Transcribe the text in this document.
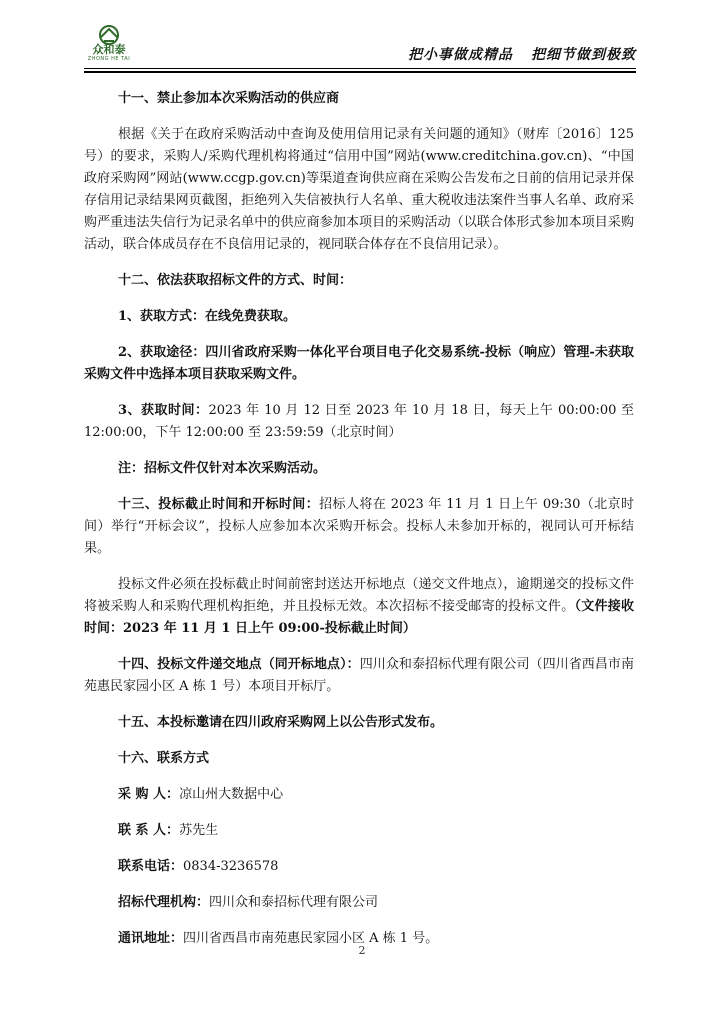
众和泰
ZHONG HE TAI	把小事做成精品 把细节做到极致

十一、禁止参加本次采购活动的供应商

根据《关于在政府采购活动中查询及使用信用记录有关问题的通知》（财库〔2016〕125号）的要求，采购人/采购代理机构将通过“信用中国”网站(www.creditchina.gov.cn)、“中国政府采购网”网站(www.ccgp.gov.cn)等渠道查询供应商在采购公告发布之日前的信用记录并保存信用记录结果网页截图，拒绝列入失信被执行人名单、重大税收违法案件当事人名单、政府采购严重违法失信行为记录名单中的供应商参加本项目的采购活动（以联合体形式参加本项目采购活动，联合体成员存在不良信用记录的，视同联合体存在不良信用记录）。

十二、依法获取招标文件的方式、时间：

1、获取方式：在线免费获取。

2、获取途径：四川省政府采购一体化平台项目电子化交易系统-投标（响应）管理-未获取采购文件中选择本项目获取采购文件。

3、获取时间：2023 年 10 月 12 日至 2023 年 10 月 18 日，每天上午 00:00:00 至 12:00:00，下午 12:00:00 至 23:59:59（北京时间）

注：招标文件仅针对本次采购活动。

十三、投标截止时间和开标时间：招标人将在 2023 年 11 月 1 日上午 09:30（北京时间）举行“开标会议”，投标人应参加本次采购开标会。投标人未参加开标的，视同认可开标结果。

投标文件必须在投标截止时间前密封送达开标地点（递交文件地点），逾期递交的投标文件将被采购人和采购代理机构拒绝，并且投标无效。本次招标不接受邮寄的投标文件。（文件接收时间：2023 年 11 月 1 日上午 09:00-投标截止时间）

十四、投标文件递交地点（同开标地点）：四川众和泰招标代理有限公司（四川省西昌市南苑惠民家园小区 A 栋 1 号）本项目开标厅。

十五、本投标邀请在四川政府采购网上以公告形式发布。

十六、联系方式

采 购 人：凉山州大数据中心

联 系 人：苏先生

联系电话：0834-3236578

招标代理机构：四川众和泰招标代理有限公司

通讯地址：四川省西昌市南苑惠民家园小区 A 栋 1 号。

2
